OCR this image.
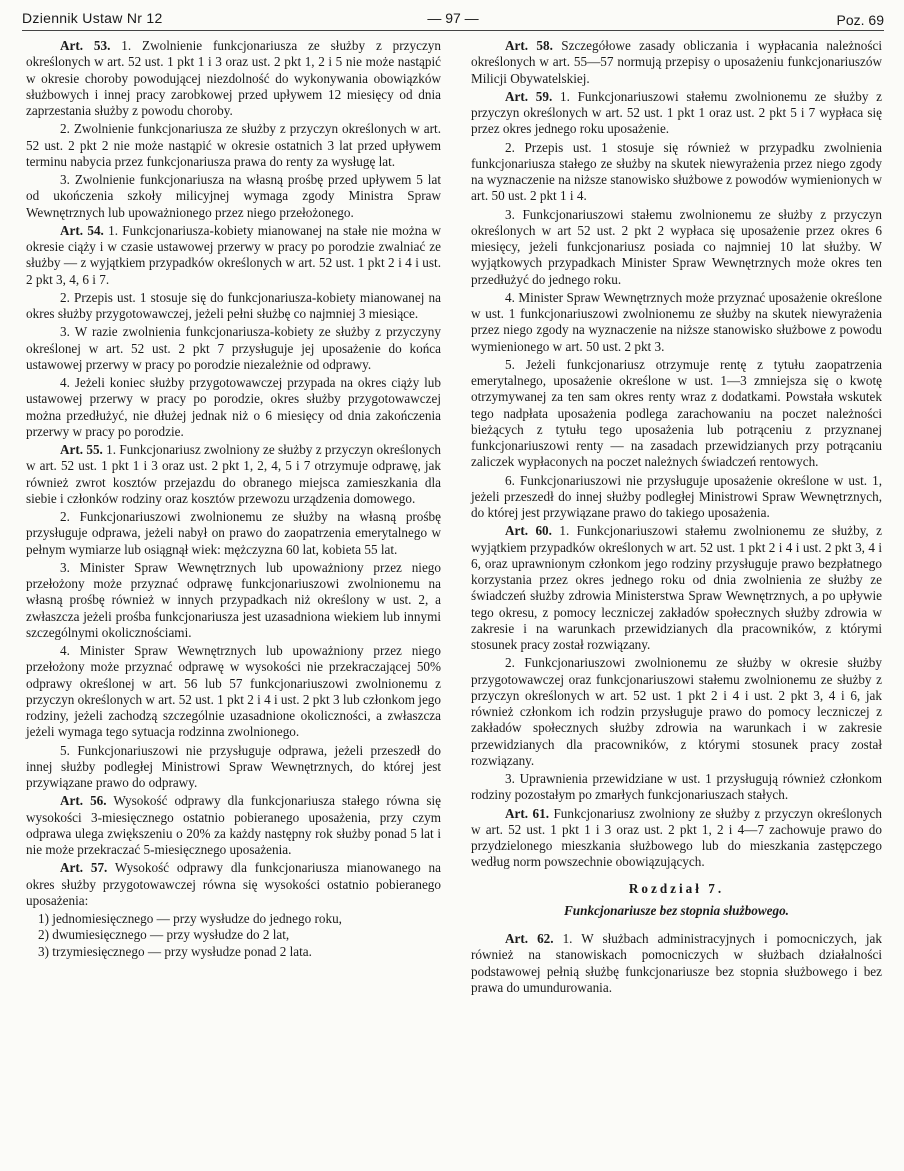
Dziennik Ustaw Nr 12	— 97 —	Poz. 69

Art. 53. 1. Zwolnienie funkcjonariusza ze służby z przyczyn określonych w art. 52 ust. 1 pkt 1 i 3 oraz ust. 2 pkt 1, 2 i 5 nie może nastąpić w okresie choroby powodującej niezdolność do wykonywania obowiązków służbowych i innej pracy zarobkowej przed upływem 12 miesięcy od dnia zaprzestania służby z powodu choroby.

2. Zwolnienie funkcjonariusza ze służby z przyczyn określonych w art. 52 ust. 2 pkt 2 nie może nastąpić w okresie ostatnich 3 lat przed upływem terminu nabycia przez funkcjonariusza prawa do renty za wysługę lat.

3. Zwolnienie funkcjonariusza na własną prośbę przed upływem 5 lat od ukończenia szkoły milicyjnej wymaga zgody Ministra Spraw Wewnętrznych lub upoważnionego przez niego przełożonego.

Art. 54. 1. Funkcjonariusza-kobiety mianowanej na stałe nie można w okresie ciąży i w czasie ustawowej przerwy w pracy po porodzie zwalniać ze służby — z wyjątkiem przypadków określonych w art. 52 ust. 1 pkt 2 i 4 i ust. 2 pkt 3, 4, 6 i 7.

2. Przepis ust. 1 stosuje się do funkcjonariusza-kobiety mianowanej na okres służby przygotowawczej, jeżeli pełni służbę co najmniej 3 miesiące.

3. W razie zwolnienia funkcjonariusza-kobiety ze służby z przyczyny określonej w art. 52 ust. 2 pkt 7 przysługuje jej uposażenie do końca ustawowej przerwy w pracy po porodzie niezależnie od odprawy.

4. Jeżeli koniec służby przygotowawczej przypada na okres ciąży lub ustawowej przerwy w pracy po porodzie, okres służby przygotowawczej można przedłużyć, nie dłużej jednak niż o 6 miesięcy od dnia zakończenia przerwy w pracy po porodzie.

Art. 55. 1. Funkcjonariusz zwolniony ze służby z przyczyn określonych w art. 52 ust. 1 pkt 1 i 3 oraz ust. 2 pkt 1, 2, 4, 5 i 7 otrzymuje odprawę, jak również zwrot kosztów przejazdu do obranego miejsca zamieszkania dla siebie i członków rodziny oraz kosztów przewozu urządzenia domowego.

2. Funkcjonariuszowi zwolnionemu ze służby na własną prośbę przysługuje odprawa, jeżeli nabył on prawo do zaopatrzenia emerytalnego w pełnym wymiarze lub osiągnął wiek: mężczyzna 60 lat, kobieta 55 lat.

3. Minister Spraw Wewnętrznych lub upoważniony przez niego przełożony może przyznać odprawę funkcjonariuszowi zwolnionemu na własną prośbę również w innych przypadkach niż określony w ust. 2, a zwłaszcza jeżeli prośba funkcjonariusza jest uzasadniona wiekiem lub innymi szczególnymi okolicznościami.

4. Minister Spraw Wewnętrznych lub upoważniony przez niego przełożony może przyznać odprawę w wysokości nie przekraczającej 50% odprawy określonej w art. 56 lub 57 funkcjonariuszowi zwolnionemu z przyczyn określonych w art. 52 ust. 1 pkt 2 i 4 i ust. 2 pkt 3 lub członkom jego rodziny, jeżeli zachodzą szczególnie uzasadnione okoliczności, a zwłaszcza jeżeli wymaga tego sytuacja rodzinna zwolnionego.

5. Funkcjonariuszowi nie przysługuje odprawa, jeżeli przeszedł do innej służby podległej Ministrowi Spraw Wewnętrznych, do której jest przywiązane prawo do odprawy.

Art. 56. Wysokość odprawy dla funkcjonariusza stałego równa się wysokości 3-miesięcznego ostatnio pobieranego uposażenia, przy czym odprawa ulega zwiększeniu o 20% za każdy następny rok służby ponad 5 lat i nie może przekraczać 5-miesięcznego uposażenia.

Art. 57. Wysokość odprawy dla funkcjonariusza mianowanego na okres służby przygotowawczej równa się wysokości ostatnio pobieranego uposażenia:

1) jednomiesięcznego — przy wysłudze do jednego roku,

2) dwumiesięcznego — przy wysłudze do 2 lat,

3) trzymiesięcznego — przy wysłudze ponad 2 lata.

Art. 58. Szczegółowe zasady obliczania i wypłacania należności określonych w art. 55—57 normują przepisy o uposażeniu funkcjonariuszów Milicji Obywatelskiej.

Art. 59. 1. Funkcjonariuszowi stałemu zwolnionemu ze służby z przyczyn określonych w art. 52 ust. 1 pkt 1 oraz ust. 2 pkt 5 i 7 wypłaca się przez okres jednego roku uposażenie.

2. Przepis ust. 1 stosuje się również w przypadku zwolnienia funkcjonariusza stałego ze służby na skutek niewyrażenia przez niego zgody na wyznaczenie na niższe stanowisko służbowe z powodów wymienionych w art. 50 ust. 2 pkt 1 i 4.

3. Funkcjonariuszowi stałemu zwolnionemu ze służby z przyczyn określonych w art 52 ust. 2 pkt 2 wypłaca się uposażenie przez okres 6 miesięcy, jeżeli funkcjonariusz posiada co najmniej 10 lat służby. W wyjątkowych przypadkach Minister Spraw Wewnętrznych może okres ten przedłużyć do jednego roku.

4. Minister Spraw Wewnętrznych może przyznać uposażenie określone w ust. 1 funkcjonariuszowi zwolnionemu ze służby na skutek niewyrażenia przez niego zgody na wyznaczenie na niższe stanowisko służbowe z powodu wymienionego w art. 50 ust. 2 pkt 3.

5. Jeżeli funkcjonariusz otrzymuje rentę z tytułu zaopatrzenia emerytalnego, uposażenie określone w ust. 1—3 zmniejsza się o kwotę otrzymywanej za ten sam okres renty wraz z dodatkami. Powstała wskutek tego nadpłata uposażenia podlega zarachowaniu na poczet należności bieżących z tytułu tego uposażenia lub potrąceniu z przyznanej funkcjonariuszowi renty — na zasadach przewidzianych przy potrącaniu zaliczek wypłaconych na poczet należnych świadczeń rentowych.

6. Funkcjonariuszowi nie przysługuje uposażenie określone w ust. 1, jeżeli przeszedł do innej służby podległej Ministrowi Spraw Wewnętrznych, do której jest przywiązane prawo do takiego uposażenia.

Art. 60. 1. Funkcjonariuszowi stałemu zwolnionemu ze służby, z wyjątkiem przypadków określonych w art. 52 ust. 1 pkt 2 i 4 i ust. 2 pkt 3, 4 i 6, oraz uprawnionym członkom jego rodziny przysługuje prawo bezpłatnego korzystania przez okres jednego roku od dnia zwolnienia ze służby ze świadczeń służby zdrowia Ministerstwa Spraw Wewnętrznych, a po upływie tego okresu, z pomocy leczniczej zakładów społecznych służby zdrowia w zakresie i na warunkach przewidzianych dla pracowników, z którymi stosunek pracy został rozwiązany.

2. Funkcjonariuszowi zwolnionemu ze służby w okresie służby przygotowawczej oraz funkcjonariuszowi stałemu zwolnionemu ze służby z przyczyn określonych w art. 52 ust. 1 pkt 2 i 4 i ust. 2 pkt 3, 4 i 6, jak również członkom ich rodzin przysługuje prawo do pomocy leczniczej z zakładów społecznych służby zdrowia na warunkach i w zakresie przewidzianych dla pracowników, z którymi stosunek pracy został rozwiązany.

3. Uprawnienia przewidziane w ust. 1 przysługują również członkom rodziny pozostałym po zmarłych funkcjonariuszach stałych.

Art. 61. Funkcjonariusz zwolniony ze służby z przyczyn określonych w art. 52 ust. 1 pkt 1 i 3 oraz ust. 2 pkt 1, 2 i 4—7 zachowuje prawo do przydzielonego mieszkania służbowego lub do mieszkania zastępczego według norm powszechnie obowiązujących.

Rozdział 7.

Funkcjonariusze bez stopnia służbowego.

Art. 62. 1. W służbach administracyjnych i pomocniczych, jak również na stanowiskach pomocniczych w służbach działalności podstawowej pełnią służbę funkcjonariusze bez stopnia służbowego i bez prawa do umundurowania.
